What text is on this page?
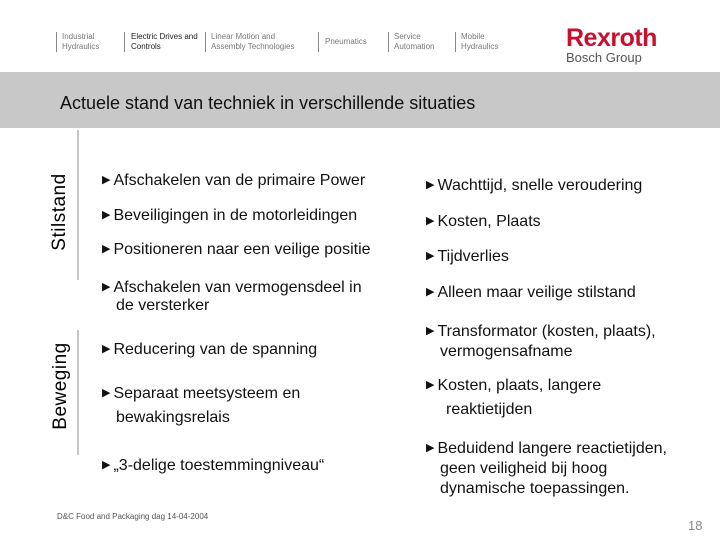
Industrial Hydraulics
Electric Drives and Controls
Linear Motion and Assembly Technologies
Pneumatics
Service Automation
Mobile Hydraulics	Rexroth
Bosch Group
Actuele stand van techniek in verschillende situaties
Stilstand
Beweging
▶ Afschakelen van de primaire Power
▶ Beveiligingen in de motorleidingen
▶ Positioneren naar een veilige positie
▶ Afschakelen van vermogensdeel in
de versterker
▶ Reducering van de spanning
▶ Separaat meetsysteem en
bewakingsrelais
▶ „3-delige toestemmingniveau“
▶ Wachttijd, snelle veroudering
▶ Kosten, Plaats
▶ Tijdverlies
▶ Alleen maar veilige stilstand
▶ Transformator (kosten, plaats),
vermogensafname
▶ Kosten, plaats, langere
reaktietijden
▶ Beduidend langere reactietijden,
geen veiligheid bij hoog
dynamische toepassingen.
D&C Food and Packaging dag 14-04-2004
18
